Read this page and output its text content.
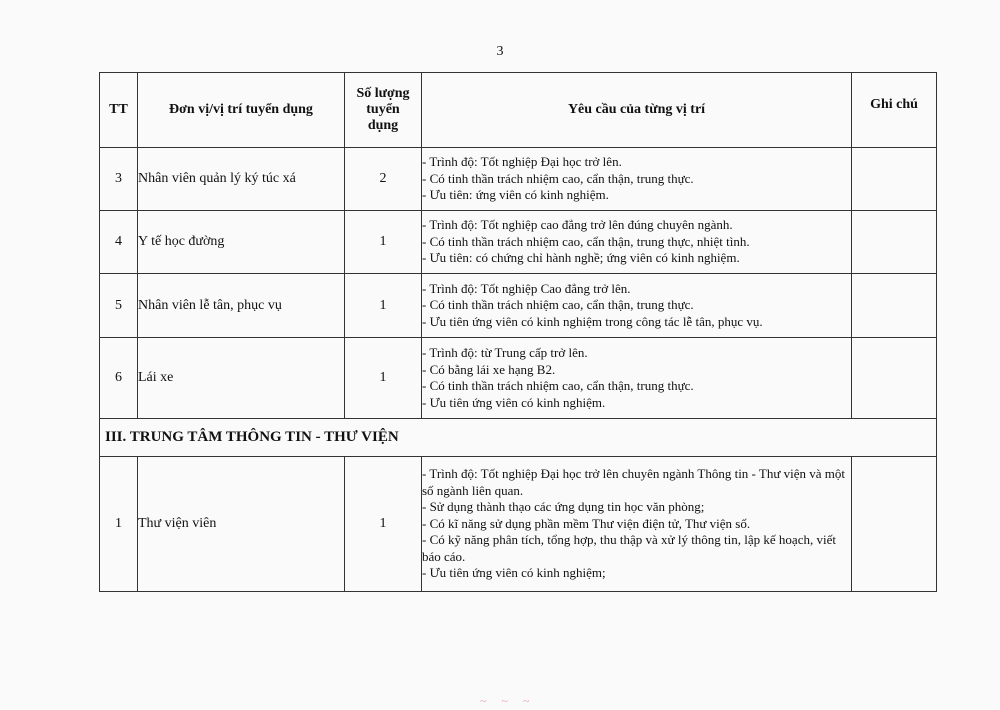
3
TT	Đơn vị/vị trí tuyển dụng	Số lượng
tuyển
dụng	Yêu cầu của từng vị trí	Ghi chú
3	Nhân viên quản lý ký túc xá	2	- Trình độ: Tốt nghiệp Đại học trở lên.
- Có tinh thần trách nhiệm cao, cẩn thận, trung thực.
- Ưu tiên: ứng viên có kinh nghiệm.	

4	Y tế học đường	1	- Trình độ: Tốt nghiệp cao đẳng trở lên đúng chuyên ngành.
- Có tinh thần trách nhiệm cao, cẩn thận, trung thực, nhiệt tình.
- Ưu tiên: có chứng chỉ hành nghề; ứng viên có kinh nghiệm.	

5	Nhân viên lễ tân, phục vụ	1	- Trình độ: Tốt nghiệp Cao đẳng trở lên.
- Có tinh thần trách nhiệm cao, cẩn thận, trung thực.
- Ưu tiên ứng viên có kinh nghiệm trong công tác lễ tân, phục vụ.	

6	Lái xe	1	- Trình độ: từ Trung cấp trở lên.
- Có bằng lái xe hạng B2.
- Có tinh thần trách nhiệm cao, cẩn thận, trung thực.
- Ưu tiên ứng viên có kinh nghiệm.	

III. TRUNG TÂM THÔNG TIN - THƯ VIỆN				
1	Thư viện viên	1	- Trình độ: Tốt nghiệp Đại học trở lên chuyên ngành Thông tin - Thư viện và một số ngành liên quan.
- Sử dụng thành thạo các ứng dụng tin học văn phòng;
- Có kĩ năng sử dụng phần mềm Thư viện điện tử, Thư viện số.
- Có kỹ năng phân tích, tổng hợp, thu thập và xử lý thông tin, lập kế hoạch, viết báo cáo.
- Ưu tiên ứng viên có kinh nghiệm;	

~ ~ ~
